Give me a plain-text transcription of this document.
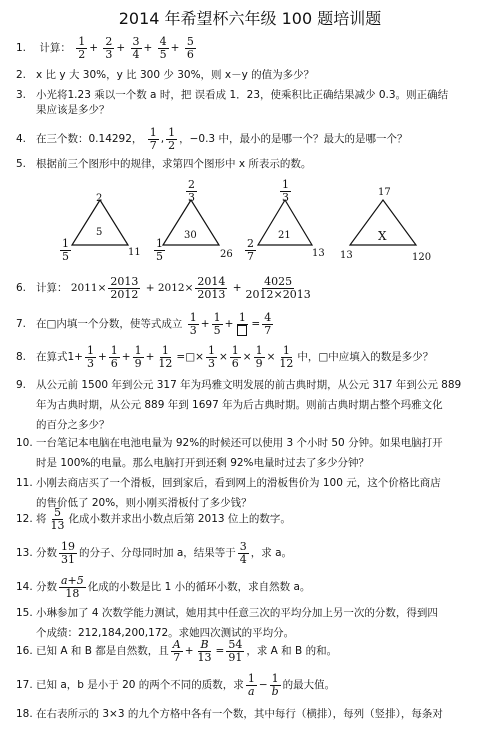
2014 年希望杯六年级 100 题培训题
1. 计算： $\frac{1}{2} + \frac{2}{3} + \frac{3}{4} + \frac{4}{5} + \frac{5}{6}$
2. x 比 y 大 30%，y 比 300 少 30%，则 x－y 的值为多少？
3. 小光将1.23 乘以一个数 a 时，把 误看成 1．23，使乘积比正确结果减少 0.3。则正确结
果应该是多少？
4. 在三个数：0.14292， $\frac{1}{7}$ , $\frac{1}{2}$ ，−0.3 中，最小的是哪一个？最大的是哪一个？
5. 根据前三个图形中的规律，求第四个图形中 x 所表示的数。
2
5
$\frac{1}{5}$	11
$\frac{2}{3}$
30
$\frac{1}{5}$	26
$\frac{1}{3}$
21
$\frac{2}{7}$	13
17
X
13	120
6. 计算： $2011\times \frac{2013}{2012} + 2012\times \frac{2014}{2013} + \frac{4025}{2012\times 2013}$
7. 在□内填一个分数，使等式成立 $\frac{1}{3} + \frac{1}{5}$ +
1
= $\frac{4}{7}$
8. 在算式$1+ \frac{1}{3} + \frac{1}{6} + \frac{1}{9} + \frac{1}{12}$ =□× $\frac{1}{3} \times \frac{1}{6} \times \frac{1}{9} \times \frac{1}{12}$ 中，□中应填入的数是多少？
9. 从公元前 1500 年到公元 317 年为玛雅文明发展的前古典时期，从公元 317 年到公元 889
年为古典时期，从公元 889 年到 1697 年为后古典时期。则前古典时期占整个玛雅文化
的百分之多少？
10. 一台笔记本电脑在电池电量为 92%的时候还可以使用 3 个小时 50 分钟。如果电脑打开
时是 100%的电量。那么电脑打开到还剩 92%电量时过去了多少分钟？
11. 小刚去商店买了一个滑板，回到家后，看到网上的滑板售价为 100 元，这个价格比商店
的售价低了 20%，则小刚买滑板付了多少钱？
12. 将 $\frac{5}{13}$ 化成小数并求出小数点后第 2013 位上的数字。
13. 分数 $\frac{19}{31}$ 的分子、分母同时加 a，结果等于 $\frac{3}{4}$ ，求 a。
14. 分数 $\frac{a+5}{18}$ 化成的小数是比 1 小的循环小数，求自然数 a。
15. 小琳参加了 4 次数学能力测试，她用其中任意三次的平均分加上另一次的分数，得到四
个成绩：212,184,200,172。求她四次测试的平均分。
16. 已知 A 和 B 都是自然数，且 $\frac{A}{7} + \frac{B}{13} = \frac{54}{91}$ ，求 A 和 B 的和。
17. 已知 a，b 是小于 20 的两个不同的质数，求 $\frac{1}{a} - \frac{1}{b}$ 的最大值。
18. 在右表所示的 3×3 的九个方格中各有一个数，其中每行（横排），每列（竖排），每条对
